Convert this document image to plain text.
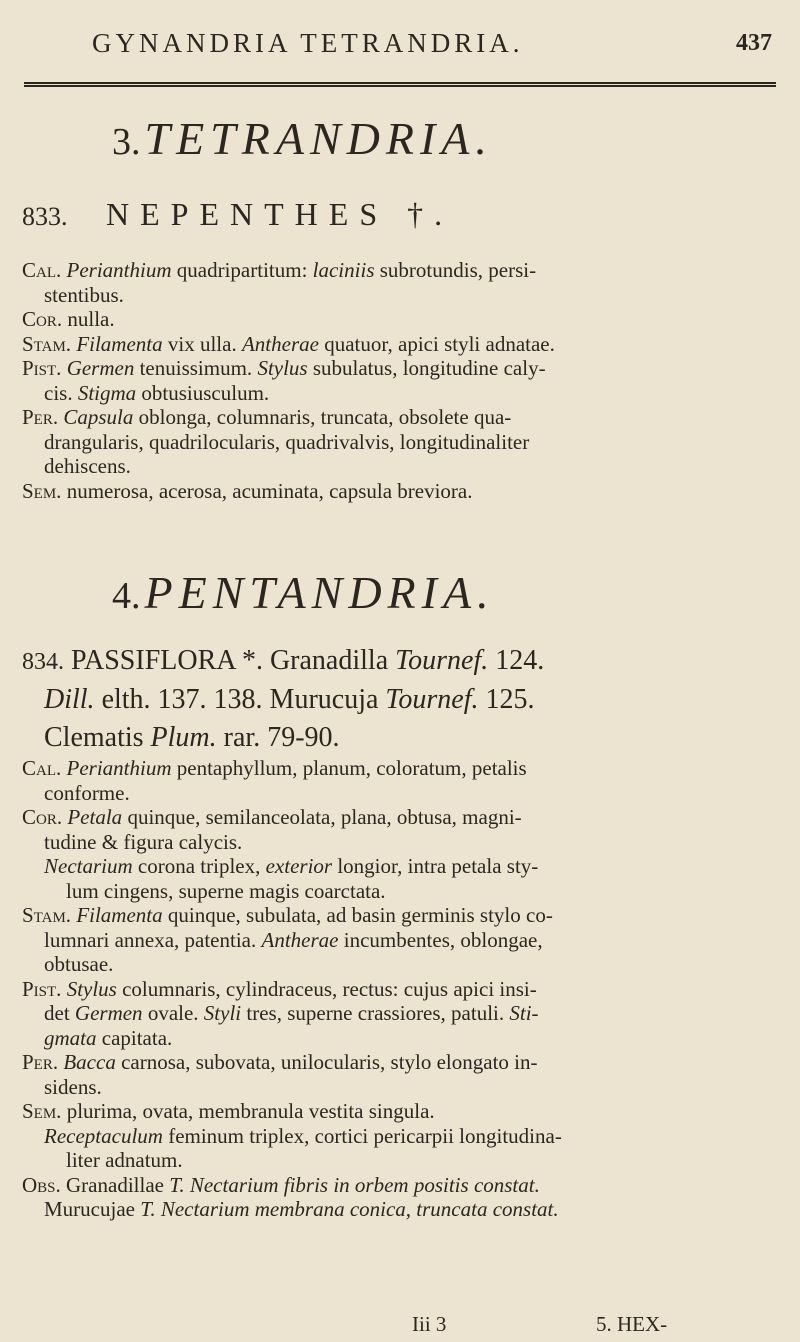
GYNANDRIA TETRANDRIA.	437
3. TETRANDRIA.
833. NEPENTHES †.

Cal. Perianthium quadripartitum: laciniis subrotundis, persi-
stentibus.

Cor. nulla.

Stam. Filamenta vix ulla. Antherae quatuor, apici styli adnatae.

Pist. Germen tenuissimum. Stylus subulatus, longitudine caly-
cis. Stigma obtusiusculum.

Per. Capsula oblonga, columnaris, truncata, obsolete qua-
drangularis, quadrilocularis, quadrivalvis, longitudinaliter
dehiscens.

Sem. numerosa, acerosa, acuminata, capsula breviora.

4. PENTANDRIA.

834. PASSIFLORA *. Granadilla Tournef. 124.

Dill. elth. 137. 138. Murucuja Tournef. 125.

Clematis Plum. rar. 79-90.

Cal. Perianthium pentaphyllum, planum, coloratum, petalis
conforme.

Cor. Petala quinque, semilanceolata, plana, obtusa, magni-
tudine & figura calycis.

Nectarium corona triplex, exterior longior, intra petala sty-
lum cingens, superne magis coarctata.

Stam. Filamenta quinque, subulata, ad basin germinis stylo co-
lumnari annexa, patentia. Antherae incumbentes, oblongae,
obtusae.

Pist. Stylus columnaris, cylindraceus, rectus: cujus apici insi-
det Germen ovale. Styli tres, superne crassiores, patuli. Sti-
gmata capitata.

Per. Bacca carnosa, subovata, unilocularis, stylo elongato in-
sidens.

Sem. plurima, ovata, membranula vestita singula.

Receptaculum feminum triplex, cortici pericarpii longitudina-
liter adnatum.

Obs. Granadillae T. Nectarium fibris in orbem positis constat.
Murucujae T. Nectarium membrana conica, truncata constat.

Iii 3	5. HEX-
